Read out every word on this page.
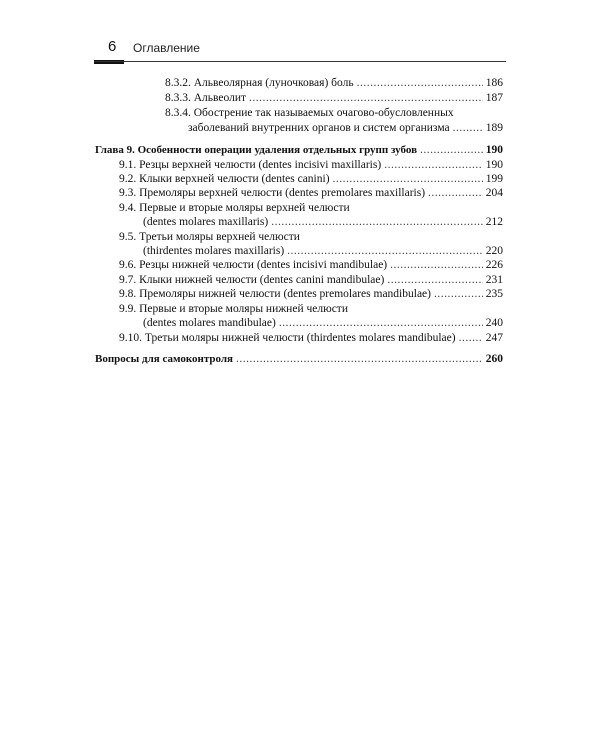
6 Оглавление
8.3.2. Альвеолярная (луночковая) боль .....	186
8.3.3. Альвеолит .....	187
8.3.4. Обострение так называемых очагово-обусловленных
заболеваний внутренних органов и систем организма .....	189
Глава 9. Особенности операции удаления отдельных групп зубов .....	190
9.1. Резцы верхней челюсти (dentes incisivi maxillaris) .....	190
9.2. Клыки верхней челюсти (dentes canini) .....	199
9.3. Премоляры верхней челюсти (dentes premolares maxillaris) .....	204
9.4. Первые и вторые моляры верхней челюсти
(dentes molares maxillaris) .....	212
9.5. Третьи моляры верхней челюсти
(thirdentes molares maxillaris) .....	220
9.6. Резцы нижней челюсти (dentes incisivi mandibulae) .....	226
9.7. Клыки нижней челюсти (dentes canini mandibulae) .....	231
9.8. Премоляры нижней челюсти (dentes premolares mandibulae) .....	235
9.9. Первые и вторые моляры нижней челюсти
(dentes molares mandibulae) .....	240
9.10. Третьи моляры нижней челюсти (thirdentes molares mandibulae) .....	247
Вопросы для самоконтроля .....	260
